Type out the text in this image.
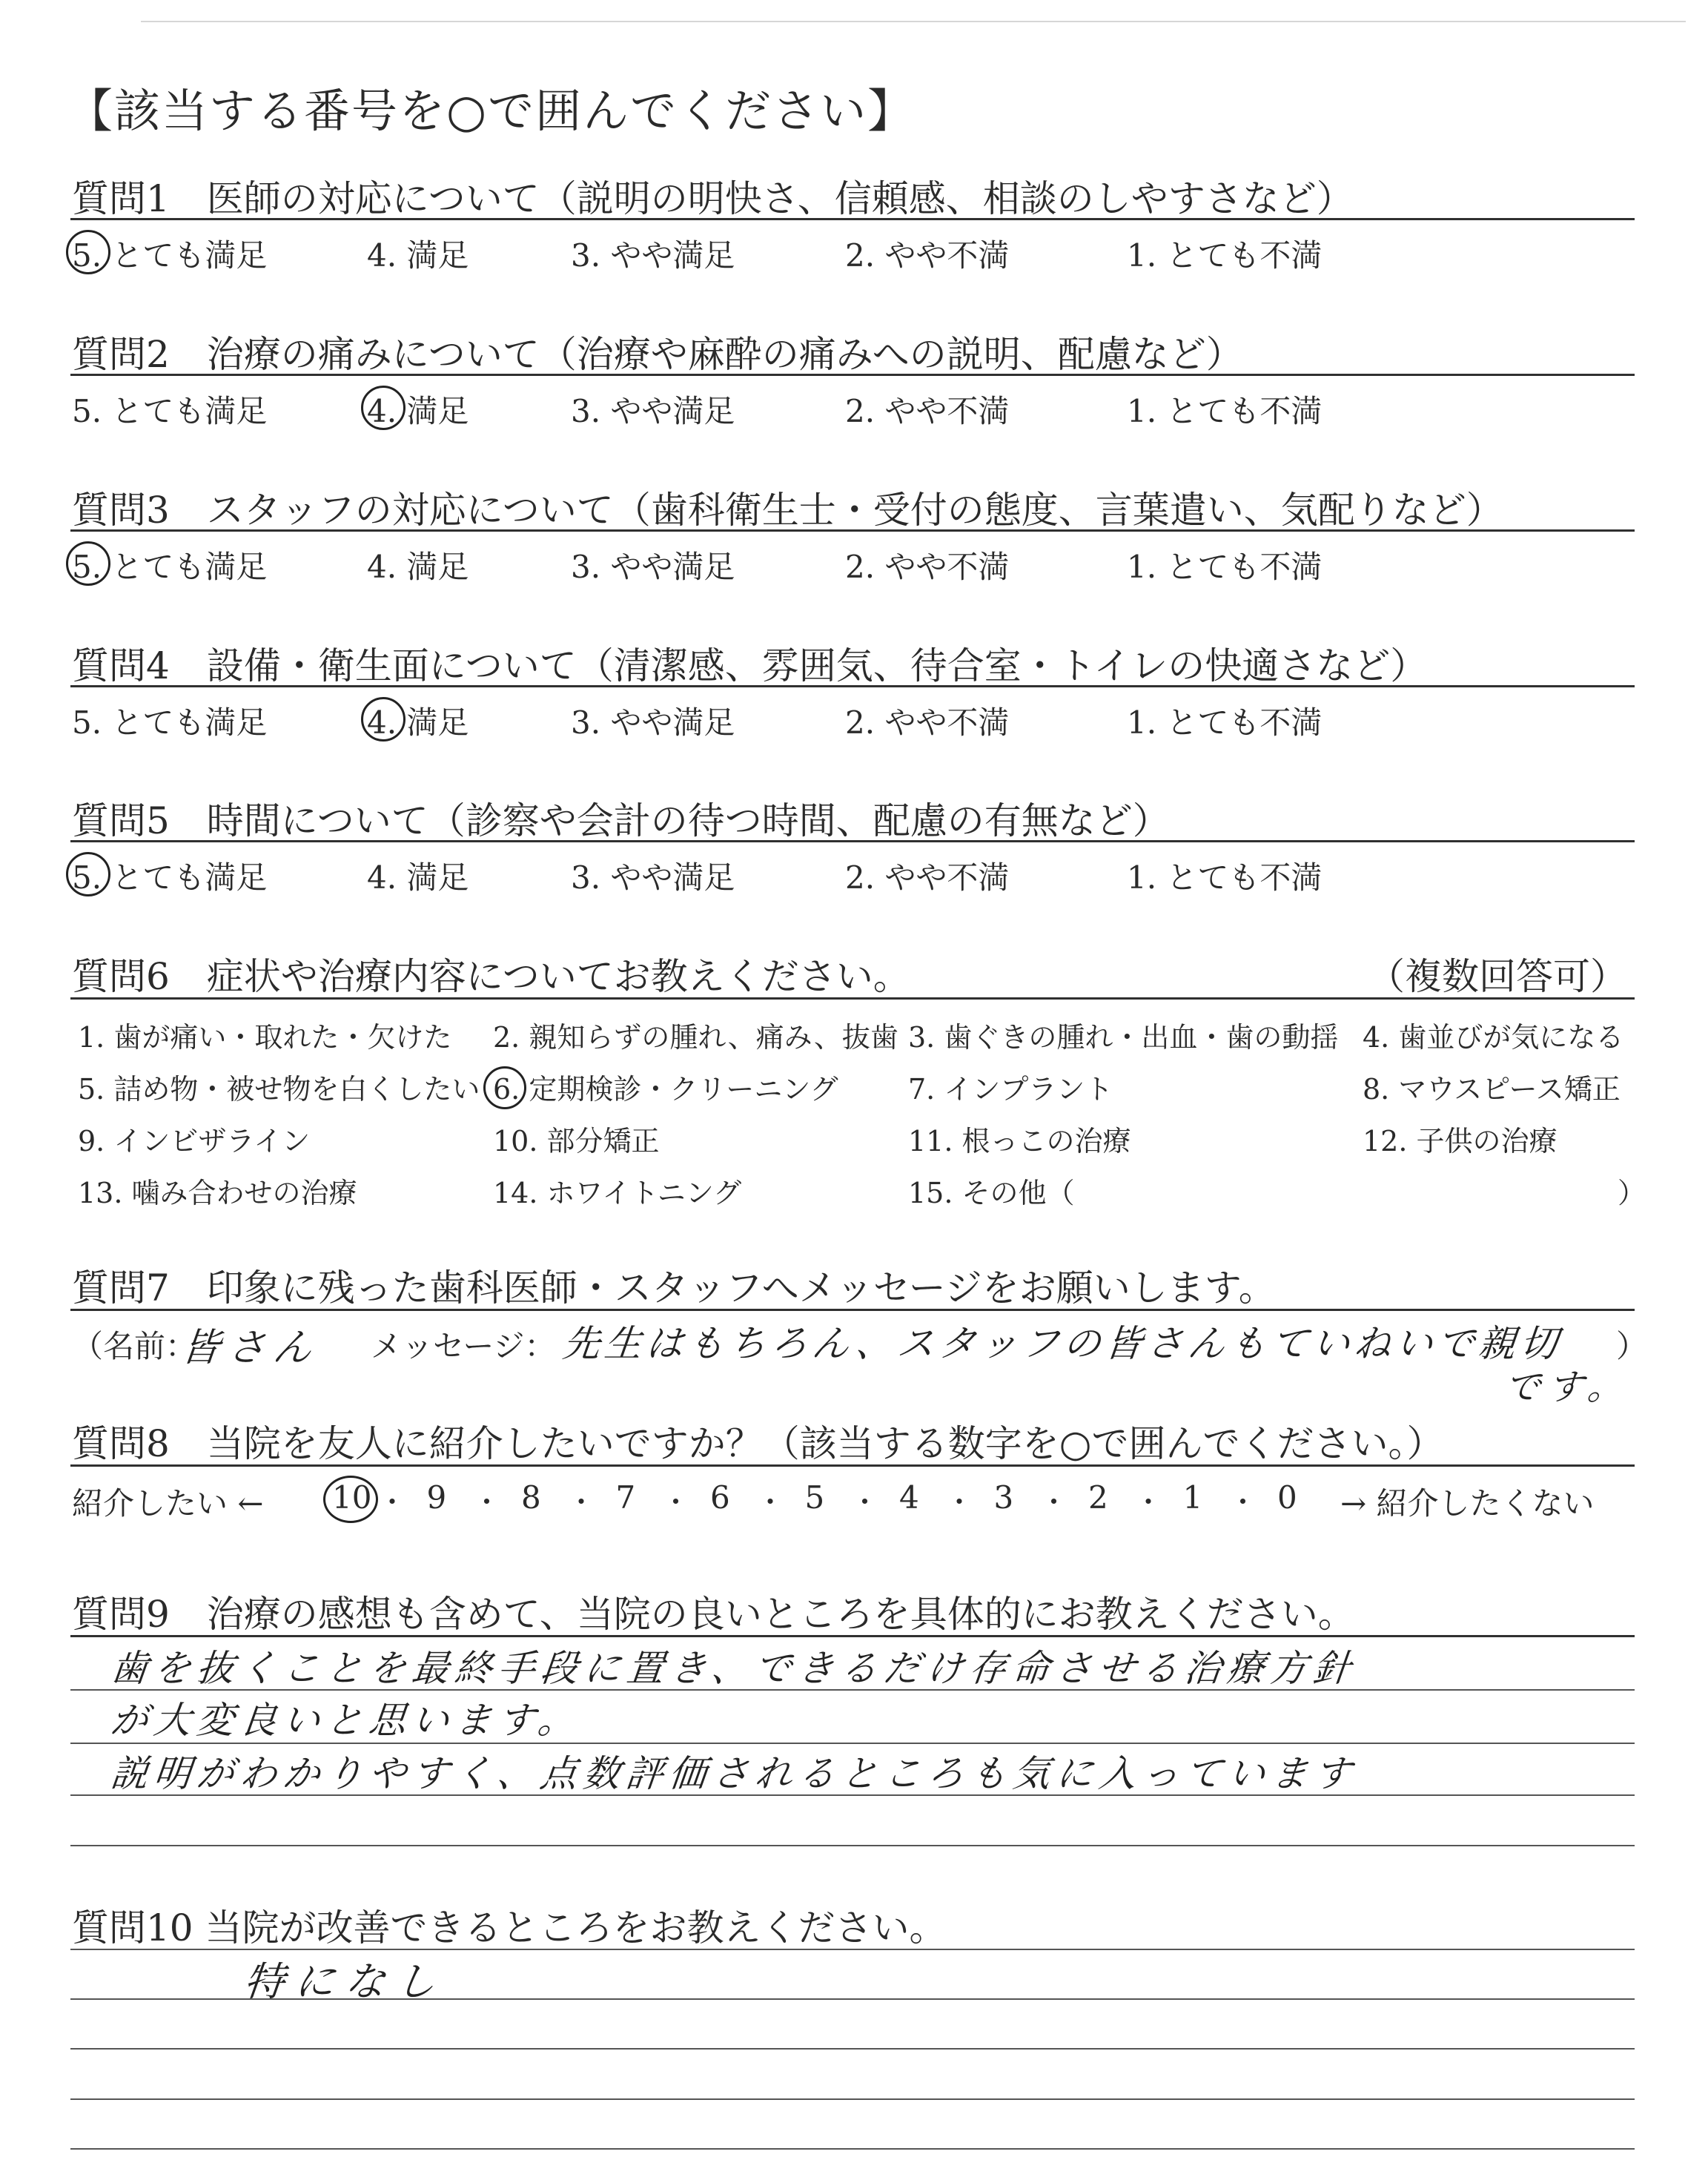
【該当する番号を○で囲んでください】
質問1　医師の対応について（説明の明快さ、信頼感、相談のしやすさなど）
5. とても満足	4. 満足	3. やや満足	2. やや不満	1. とても不満
質問2　治療の痛みについて（治療や麻酔の痛みへの説明、配慮など）
5. とても満足	4. 満足	3. やや満足	2. やや不満	1. とても不満
質問3　スタッフの対応について（歯科衛生士・受付の態度、言葉遣い、気配りなど）
5. とても満足	4. 満足	3. やや満足	2. やや不満	1. とても不満
質問4　設備・衛生面について（清潔感、雰囲気、待合室・トイレの快適さなど）
5. とても満足	4. 満足	3. やや満足	2. やや不満	1. とても不満
質問5　時間について（診察や会計の待つ時間、配慮の有無など）
5. とても満足	4. 満足	3. やや満足	2. やや不満	1. とても不満
質問6　症状や治療内容についてお教えください。	（複数回答可）
1. 歯が痛い・取れた・欠けた 2. 親知らずの腫れ、痛み、抜歯 3. 歯ぐきの腫れ・出血・歯の動揺 4. 歯並びが気になる
5. 詰め物・被せ物を白くしたい 6. 定期検診・クリーニング 7. インプラント	8. マウスピース矯正
9. インビザライン	10. 部分矯正	11. 根っこの治療	12. 子供の治療
13. 噛み合わせの治療	14. ホワイトニング	15. その他（	）
質問7　印象に残った歯科医師・スタッフへメッセージをお願いします。
（名前：
皆さん メッセージ： 先生はもちろん、スタッフの皆さんもていねいで親切
です。
）
質問8　当院を友人に紹介したいですか？（該当する数字を○で囲んでください。）
紹介したい ←	→ 紹介したくない
10 ・ 9 ・ 8 ・ 7 ・ 6 ・ 5 ・ 4 ・ 3 ・ 2 ・ 1 ・ 0
質問9　治療の感想も含めて、当院の良いところを具体的にお教えください。
歯を抜くことを最終手段に置き、できるだけ存命させる治療方針
が大変良いと思います。
説明がわかりやすく、点数評価されるところも気に入っています
質問10 当院が改善できるところをお教えください。
特になし
